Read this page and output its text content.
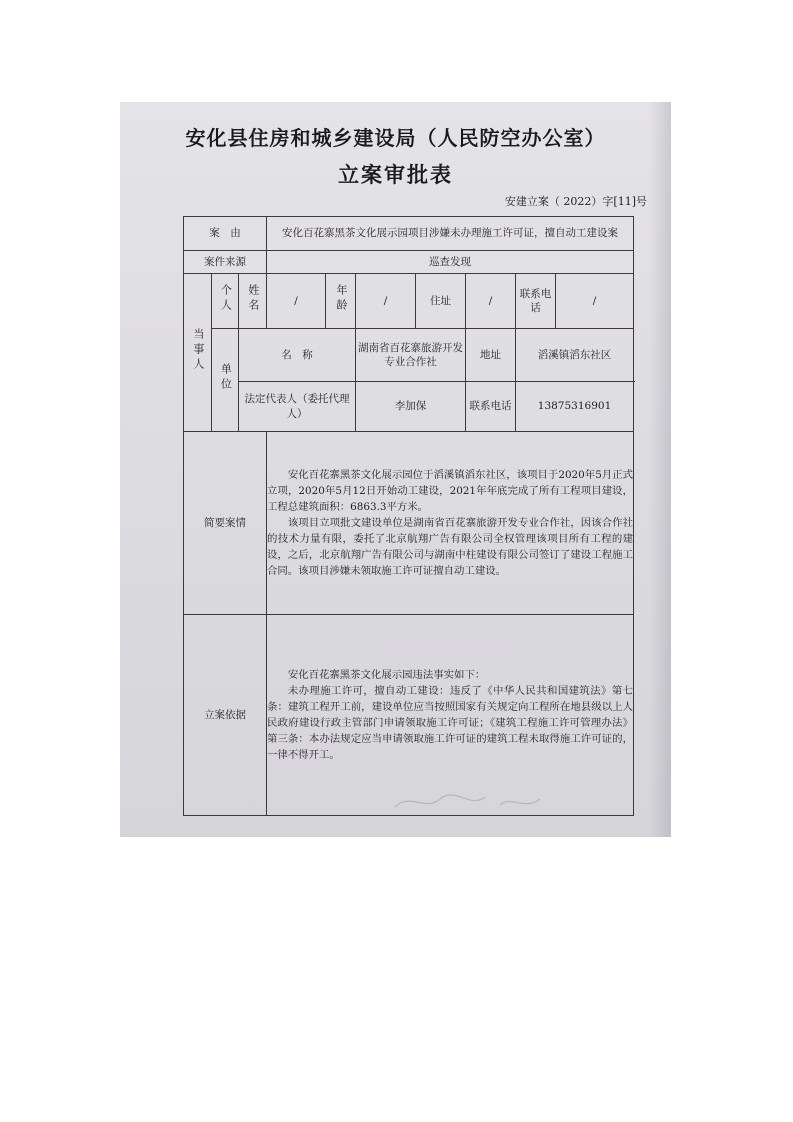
安化县住房和城乡建设局（人民防空办公室）
立案审批表
安建立案（ 2022）字[11]号
案　由			安化百花寨黑茶文化展示园项目涉嫌未办理施工许可证，擅自动工建设案						
案件来源			巡查发现						
当事人	个人	姓名	/	年龄	/	住址	/	联系电话	/
	单位	名　称			湖南省百花寨旅游开发专业合作社		地址	滔溪镇滔东社区	
		法定代表人（委托代理人）			李加保		联系电话	13875316901	
简要案情			安化百花寨黑茶文化展示园位于滔溪镇滔东社区，该项目于2020年5月正式立项，2020年5月12日开始动工建设，2021年年底完成了所有工程项目建设，工程总建筑面积：6863.3平方米。

该项目立项批文建设单位是湖南省百花寨旅游开发专业合作社，因该合作社的技术力量有限，委托了北京航翔广告有限公司全权管理该项目所有工程的建设，之后，北京航翔广告有限公司与湖南中柱建设有限公司签订了建设工程施工合同。该项目涉嫌未领取施工许可证擅自动工建设。						

立案依据			安化百花寨黑茶文化展示园违法事实如下：

未办理施工许可，擅自动工建设：违反了《中华人民共和国建筑法》第七条：建筑工程开工前，建设单位应当按照国家有关规定向工程所在地县级以上人民政府建设行政主管部门申请领取施工许可证；《建筑工程施工许可管理办法》第三条：本办法规定应当申请领取施工许可证的建筑工程未取得施工许可证的，一律不得开工。						
